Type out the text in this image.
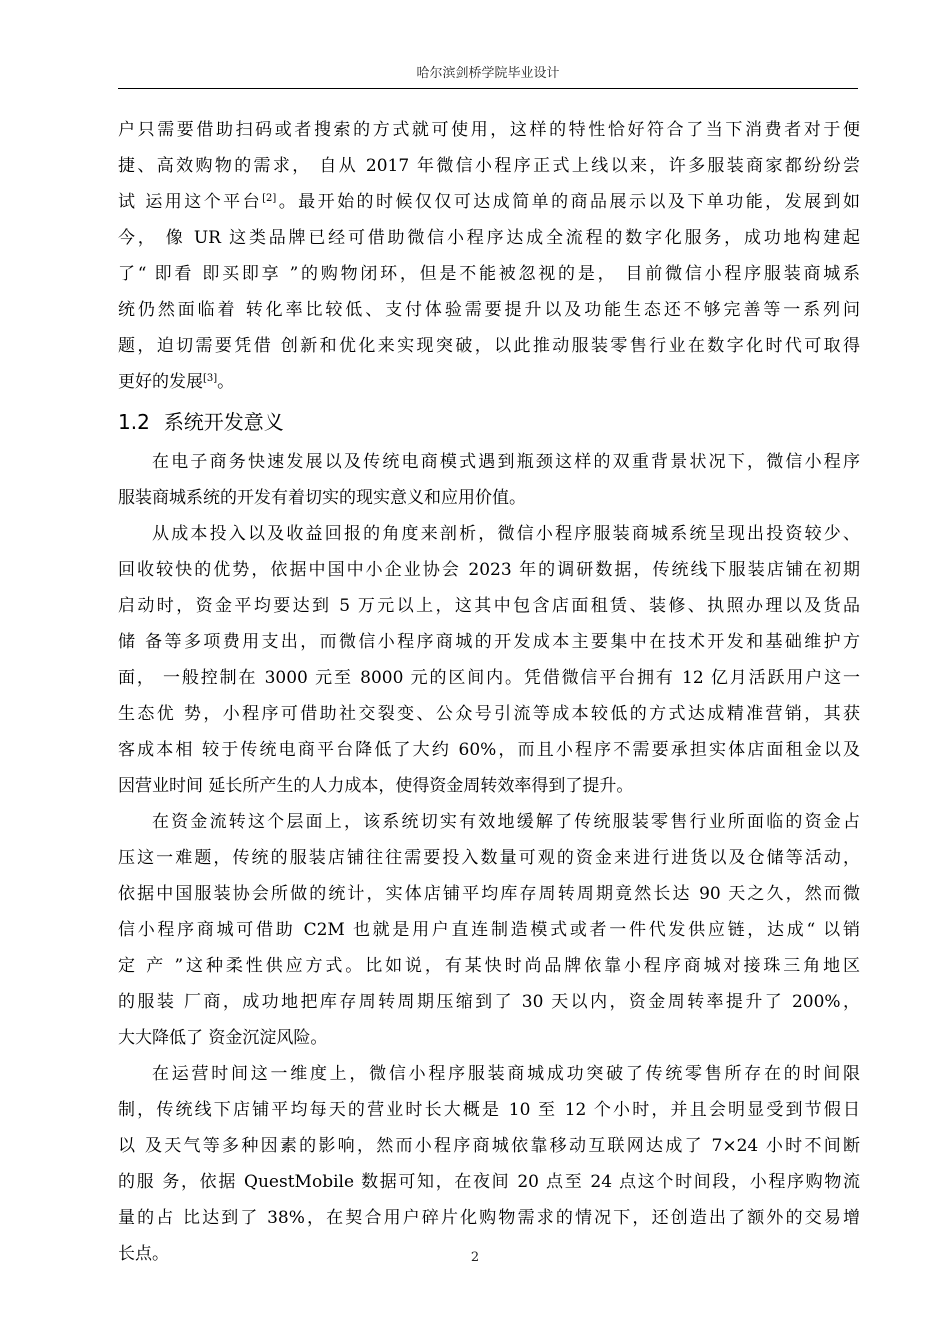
哈尔滨剑桥学院毕业设计
户只需要借助扫码或者搜索的方式就可使用，这样的特性恰好符合了当下消费者对于便
捷、高效购物的需求， 自从 2017 年微信小程序正式上线以来，许多服装商家都纷纷尝
试 运用这个平台[2]。最开始的时候仅仅可达成简单的商品展示以及下单功能，发展到如
今， 像 UR 这类品牌已经可借助微信小程序达成全流程的数字化服务，成功地构建起
了“ 即看 即买即享 ”的购物闭环，但是不能被忽视的是， 目前微信小程序服装商城系
统仍然面临着 转化率比较低、支付体验需要提升以及功能生态还不够完善等一系列问
题，迫切需要凭借 创新和优化来实现突破，以此推动服装零售行业在数字化时代可取得
更好的发展[3]。
1.2 系统开发意义
在电子商务快速发展以及传统电商模式遇到瓶颈这样的双重背景状况下，微信小程序
服装商城系统的开发有着切实的现实意义和应用价值。
从成本投入以及收益回报的角度来剖析，微信小程序服装商城系统呈现出投资较少、
回收较快的优势，依据中国中小企业协会 2023 年的调研数据，传统线下服装店铺在初期
启动时，资金平均要达到 5 万元以上，这其中包含店面租赁、装修、执照办理以及货品
储 备等多项费用支出，而微信小程序商城的开发成本主要集中在技术开发和基础维护方
面， 一般控制在 3000 元至 8000 元的区间内。凭借微信平台拥有 12 亿月活跃用户这一
生态优 势，小程序可借助社交裂变、公众号引流等成本较低的方式达成精准营销，其获
客成本相 较于传统电商平台降低了大约 60%，而且小程序不需要承担实体店面租金以及
因营业时间 延长所产生的人力成本，使得资金周转效率得到了提升。
在资金流转这个层面上，该系统切实有效地缓解了传统服装零售行业所面临的资金占
压这一难题，传统的服装店铺往往需要投入数量可观的资金来进行进货以及仓储等活动，
依据中国服装协会所做的统计，实体店铺平均库存周转周期竟然长达 90 天之久，然而微
信小程序商城可借助 C2M 也就是用户直连制造模式或者一件代发供应链，达成“ 以销
定 产 ”这种柔性供应方式。比如说，有某快时尚品牌依靠小程序商城对接珠三角地区
的服装 厂商，成功地把库存周转周期压缩到了 30 天以内，资金周转率提升了 200%，
大大降低了 资金沉淀风险。
在运营时间这一维度上，微信小程序服装商城成功突破了传统零售所存在的时间限
制，传统线下店铺平均每天的营业时长大概是 10 至 12 个小时，并且会明显受到节假日
以 及天气等多种因素的影响，然而小程序商城依靠移动互联网达成了 7×24 小时不间断
的服 务，依据 QuestMobile 数据可知，在夜间 20 点至 24 点这个时间段，小程序购物流
量的占 比达到了 38%，在契合用户碎片化购物需求的情况下，还创造出了额外的交易增
长点。	2
